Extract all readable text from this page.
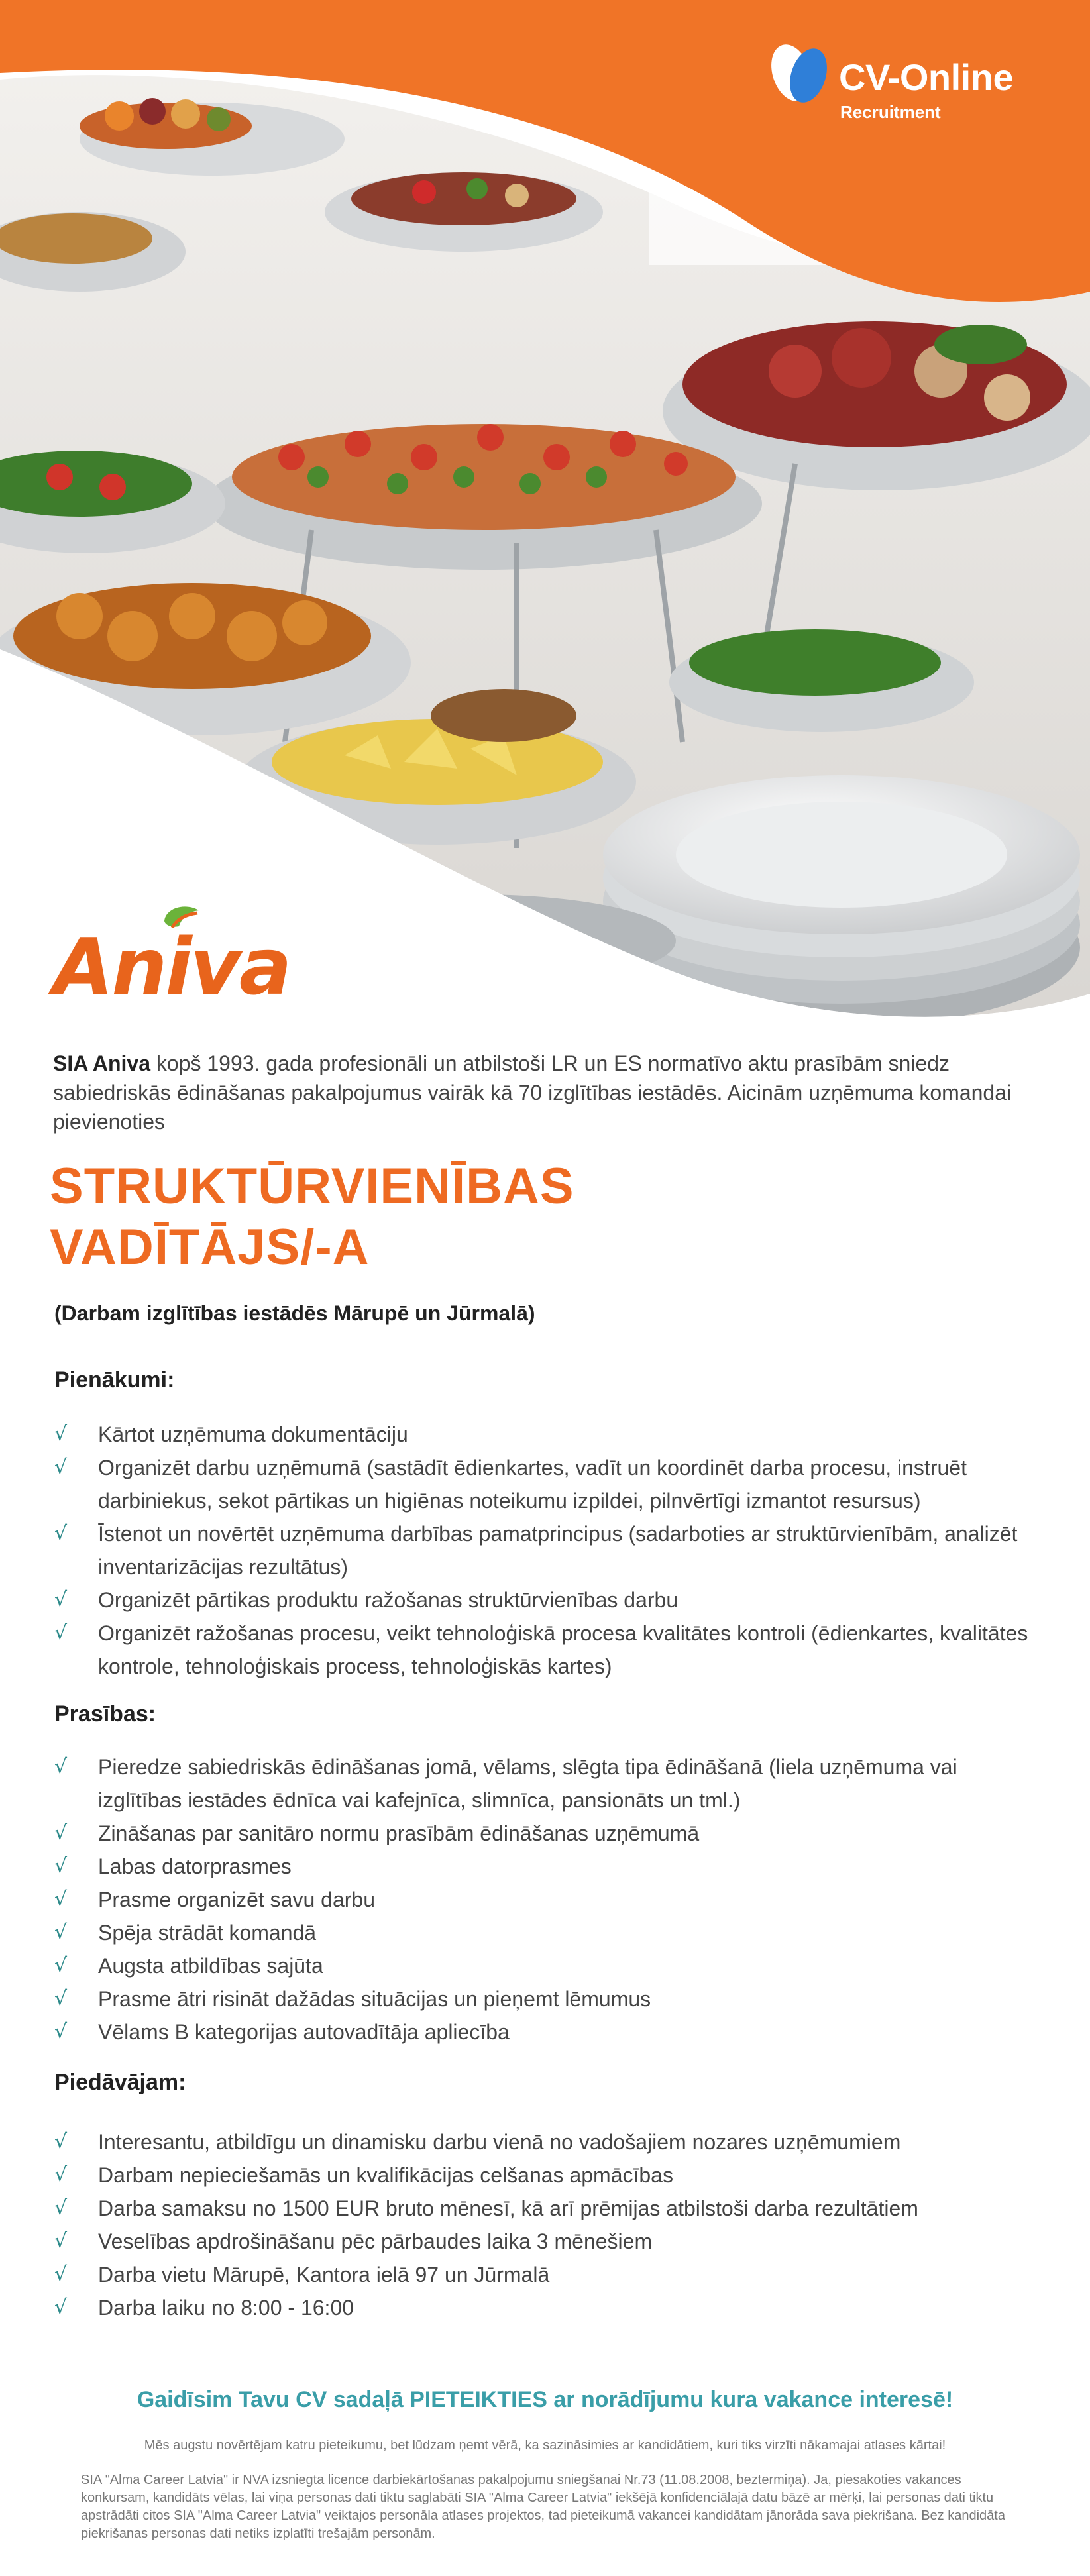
CV-Online
Recruitment
Aniva

SIA Aniva kopš 1993. gada profesionāli un atbilstoši LR un ES normatīvo aktu prasībām sniedz sabiedriskās ēdināšanas pakalpojumus vairāk kā 70 izglītības iestādēs. Aicinām uzņēmuma komandai pievienoties

STRUKTŪRVIENĪBAS
VADĪTĀJS/-A
(Darbam izglītības iestādēs Mārupē un Jūrmalā)
Pienākumi:
√ Kārtot uzņēmuma dokumentāciju
√ Organizēt darbu uzņēmumā (sastādīt ēdienkartes, vadīt un koordinēt darba procesu, instruēt darbiniekus, sekot pārtikas un higiēnas noteikumu izpildei, pilnvērtīgi izmantot resursus)
√ Īstenot un novērtēt uzņēmuma darbības pamatprincipus (sadarboties ar struktūrvienībām, analizēt inventarizācijas rezultātus)
√ Organizēt pārtikas produktu ražošanas struktūrvienības darbu
√ Organizēt ražošanas procesu, veikt tehnoloģiskā procesa kvalitātes kontroli (ēdienkartes, kvalitātes kontrole, tehnoloģiskais process, tehnoloģiskās kartes)
Prasības:
√ Pieredze sabiedriskās ēdināšanas jomā, vēlams, slēgta tipa ēdināšanā (liela uzņēmuma vai izglītības iestādes ēdnīca vai kafejnīca, slimnīca, pansionāts un tml.)
√ Zināšanas par sanitāro normu prasībām ēdināšanas uzņēmumā
√ Labas datorprasmes
√ Prasme organizēt savu darbu
√ Spēja strādāt komandā
√ Augsta atbildības sajūta
√ Prasme ātri risināt dažādas situācijas un pieņemt lēmumus
√ Vēlams B kategorijas autovadītāja apliecība
Piedāvājam:
√ Interesantu, atbildīgu un dinamisku darbu vienā no vadošajiem nozares uzņēmumiem
√ Darbam nepieciešamās un kvalifikācijas celšanas apmācības
√ Darba samaksu no 1500 EUR bruto mēnesī, kā arī prēmijas atbilstoši darba rezultātiem
√ Veselības apdrošināšanu pēc pārbaudes laika 3 mēnešiem
√ Darba vietu Mārupē, Kantora ielā 97 un Jūrmalā
√ Darba laiku no 8:00 - 16:00
Gaidīsim Tavu CV sadaļā PIETEIKTIES ar norādījumu kura vakance interesē!
Mēs augstu novērtējam katru pieteikumu, bet lūdzam ņemt vērā, ka sazināsimies ar kandidātiem, kuri tiks virzīti nākamajai atlases kārtai!
SIA "Alma Career Latvia" ir NVA izsniegta licence darbiekārtošanas pakalpojumu sniegšanai Nr.73 (11.08.2008, beztermiņa). Ja, piesakoties vakances konkursam, kandidāts vēlas, lai viņa personas dati tiktu saglabāti SIA "Alma Career Latvia" iekšējā konfidenciālajā datu bāzē ar mērķi, lai personas dati tiktu apstrādāti citos SIA "Alma Career Latvia" veiktajos personāla atlases projektos, tad pieteikumā vakancei kandidātam jānorāda sava piekrišana. Bez kandidāta piekrišanas personas dati netiks izplatīti trešajām personām.
